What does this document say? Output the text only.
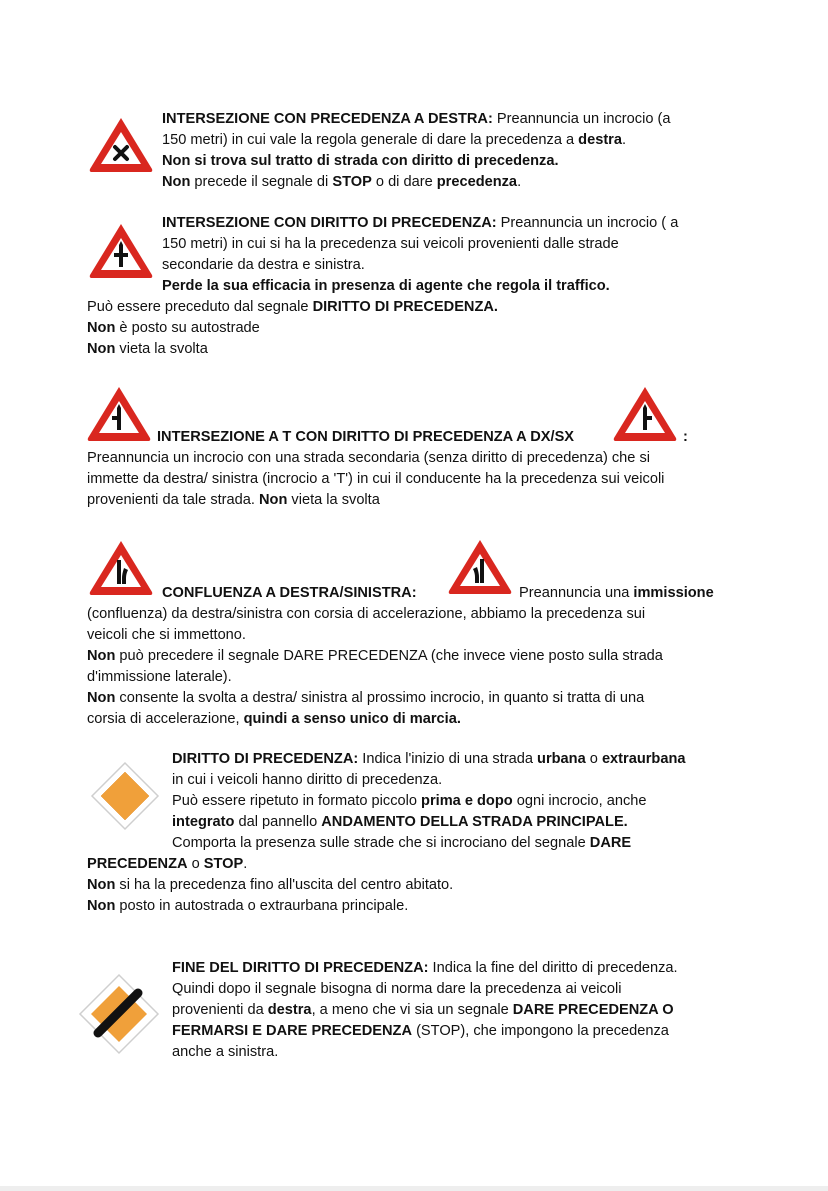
INTERSEZIONE CON PRECEDENZA A DESTRA: Preannuncia un incrocio (a
150 metri) in cui vale la regola generale di dare la precedenza a destra.
Non si trova sul tratto di strada con diritto di precedenza.
Non precede il segnale di STOP o di dare precedenza.
INTERSEZIONE CON DIRITTO DI PRECEDENZA: Preannuncia un incrocio ( a
150 metri) in cui si ha la precedenza sui veicoli provenienti dalle strade
secondarie da destra e sinistra.
Perde la sua efficacia in presenza di agente che regola il traffico.
Può essere preceduto dal segnale DIRITTO DI PRECEDENZA.
Non è posto su autostrade
Non vieta la svolta
INTERSEZIONE A T CON DIRITTO DI PRECEDENZA A DX/SX	:
Preannuncia un incrocio con una strada secondaria (senza diritto di precedenza) che si
immette da destra/ sinistra (incrocio a 'T') in cui il conducente ha la precedenza sui veicoli
provenienti da tale strada. Non vieta la svolta
CONFLUENZA A DESTRA/SINISTRA:	Preannuncia una immissione
(confluenza) da destra/sinistra con corsia di accelerazione, abbiamo la precedenza sui
veicoli che si immettono.
Non può precedere il segnale DARE PRECEDENZA (che invece viene posto sulla strada
d'immissione laterale).
Non consente la svolta a destra/ sinistra al prossimo incrocio, in quanto si tratta di una
corsia di accelerazione, quindi a senso unico di marcia.
DIRITTO DI PRECEDENZA: Indica l'inizio di una strada urbana o extraurbana
in cui i veicoli hanno diritto di precedenza.
Può essere ripetuto in formato piccolo prima e dopo ogni incrocio, anche
integrato dal pannello ANDAMENTO DELLA STRADA PRINCIPALE.
Comporta la presenza sulle strade che si incrociano del segnale DARE
PRECEDENZA o STOP.
Non si ha la precedenza fino all'uscita del centro abitato.
Non posto in autostrada o extraurbana principale.
FINE DEL DIRITTO DI PRECEDENZA: Indica la fine del diritto di precedenza.
Quindi dopo il segnale bisogna di norma dare la precedenza ai veicoli
provenienti da destra, a meno che vi sia un segnale DARE PRECEDENZA O
FERMARSI E DARE PRECEDENZA (STOP), che impongono la precedenza
anche a sinistra.
